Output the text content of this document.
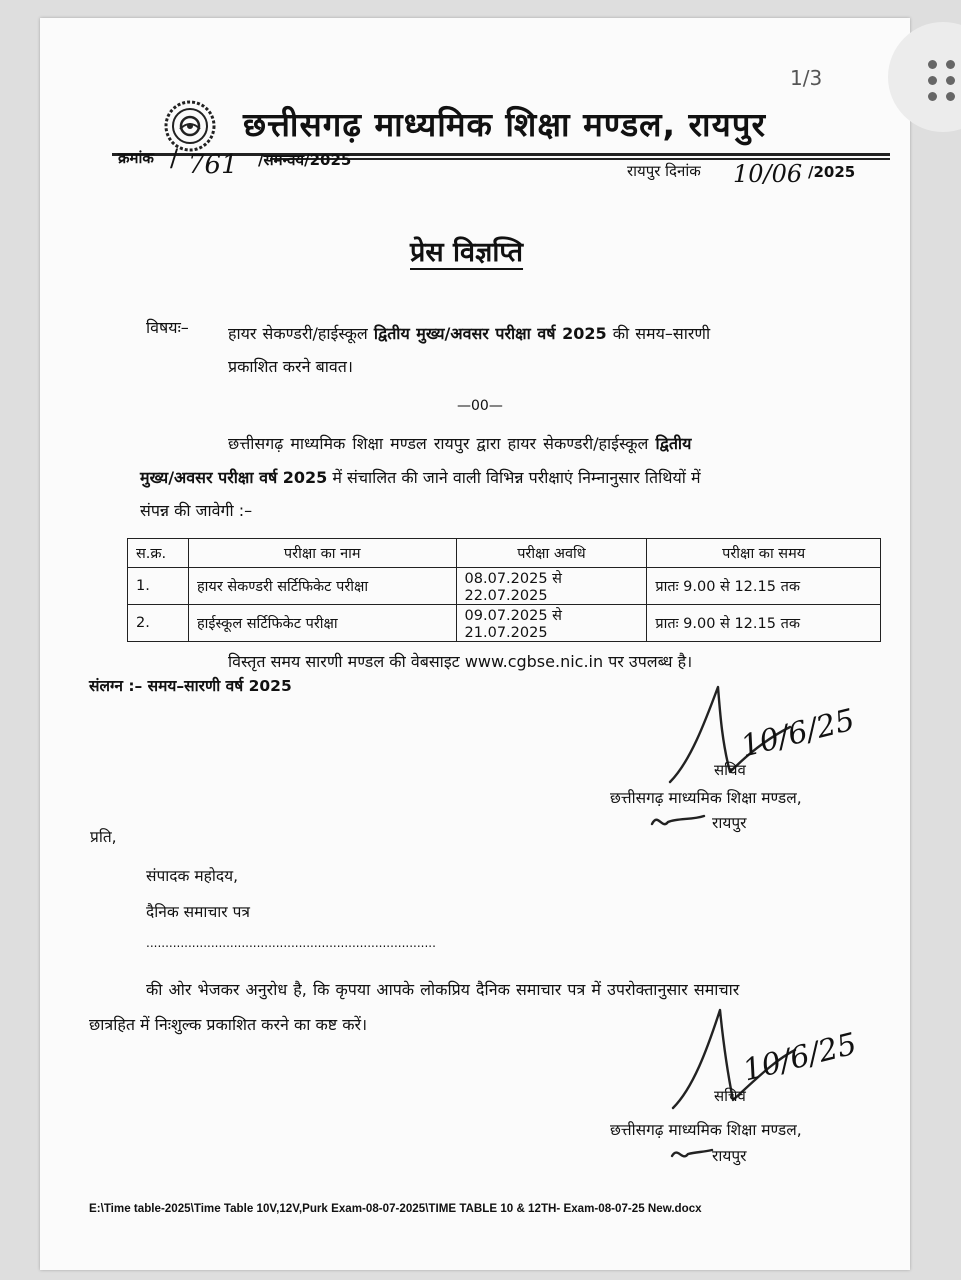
1/3
छत्तीसगढ़ माध्यमिक शिक्षा मण्डल, रायपुर
क्रमांक / 761 /समन्वय/2025
रायपुर दिनांक 10/06 /2025
प्रेस विज्ञप्ति
विषयः– हायर सेकण्डरी/हाईस्कूल द्वितीय मुख्य/अवसर परीक्षा वर्ष 2025 की समय–सारणी
प्रकाशित करने बावत।
—00—
छत्तीसगढ़ माध्यमिक शिक्षा मण्डल रायपुर द्वारा हायर सेकण्डरी/हाईस्कूल द्वितीय
मुख्य/अवसर परीक्षा वर्ष 2025 में संचालित की जाने वाली विभिन्न परीक्षाएं निम्नानुसार तिथियों में
संपन्न की जावेगी :–
स.क्र.	परीक्षा का नाम	परीक्षा अवधि	परीक्षा का समय
1.	हायर सेकण्डरी सर्टिफिकेट परीक्षा	08.07.2025 से 22.07.2025	प्रातः 9.00 से 12.15 तक
2.	हाईस्कूल सर्टिफिकेट परीक्षा	09.07.2025 से 21.07.2025	प्रातः 9.00 से 12.15 तक
विस्तृत समय सारणी मण्डल की वेबसाइट www.cgbse.nic.in पर उपलब्ध है।
संलग्न :– समय–सारणी वर्ष 2025
10/6/25
सचिव
छत्तीसगढ़ माध्यमिक शिक्षा मण्डल,
रायपुर
प्रति,
संपादक महोदय,
दैनिक समाचार पत्र
............................................................................
की ओर भेजकर अनुरोध है, कि कृपया आपके लोकप्रिय दैनिक समाचार पत्र में उपरोक्तानुसार समाचार
छात्रहित में निःशुल्क प्रकाशित करने का कष्ट करें।
10/6/25
सचिव
छत्तीसगढ़ माध्यमिक शिक्षा मण्डल,
रायपुर
E:\Time table-2025\Time Table 10V,12V,Purk Exam-08-07-2025\TIME TABLE 10 & 12TH- Exam-08-07-25 New.docx
